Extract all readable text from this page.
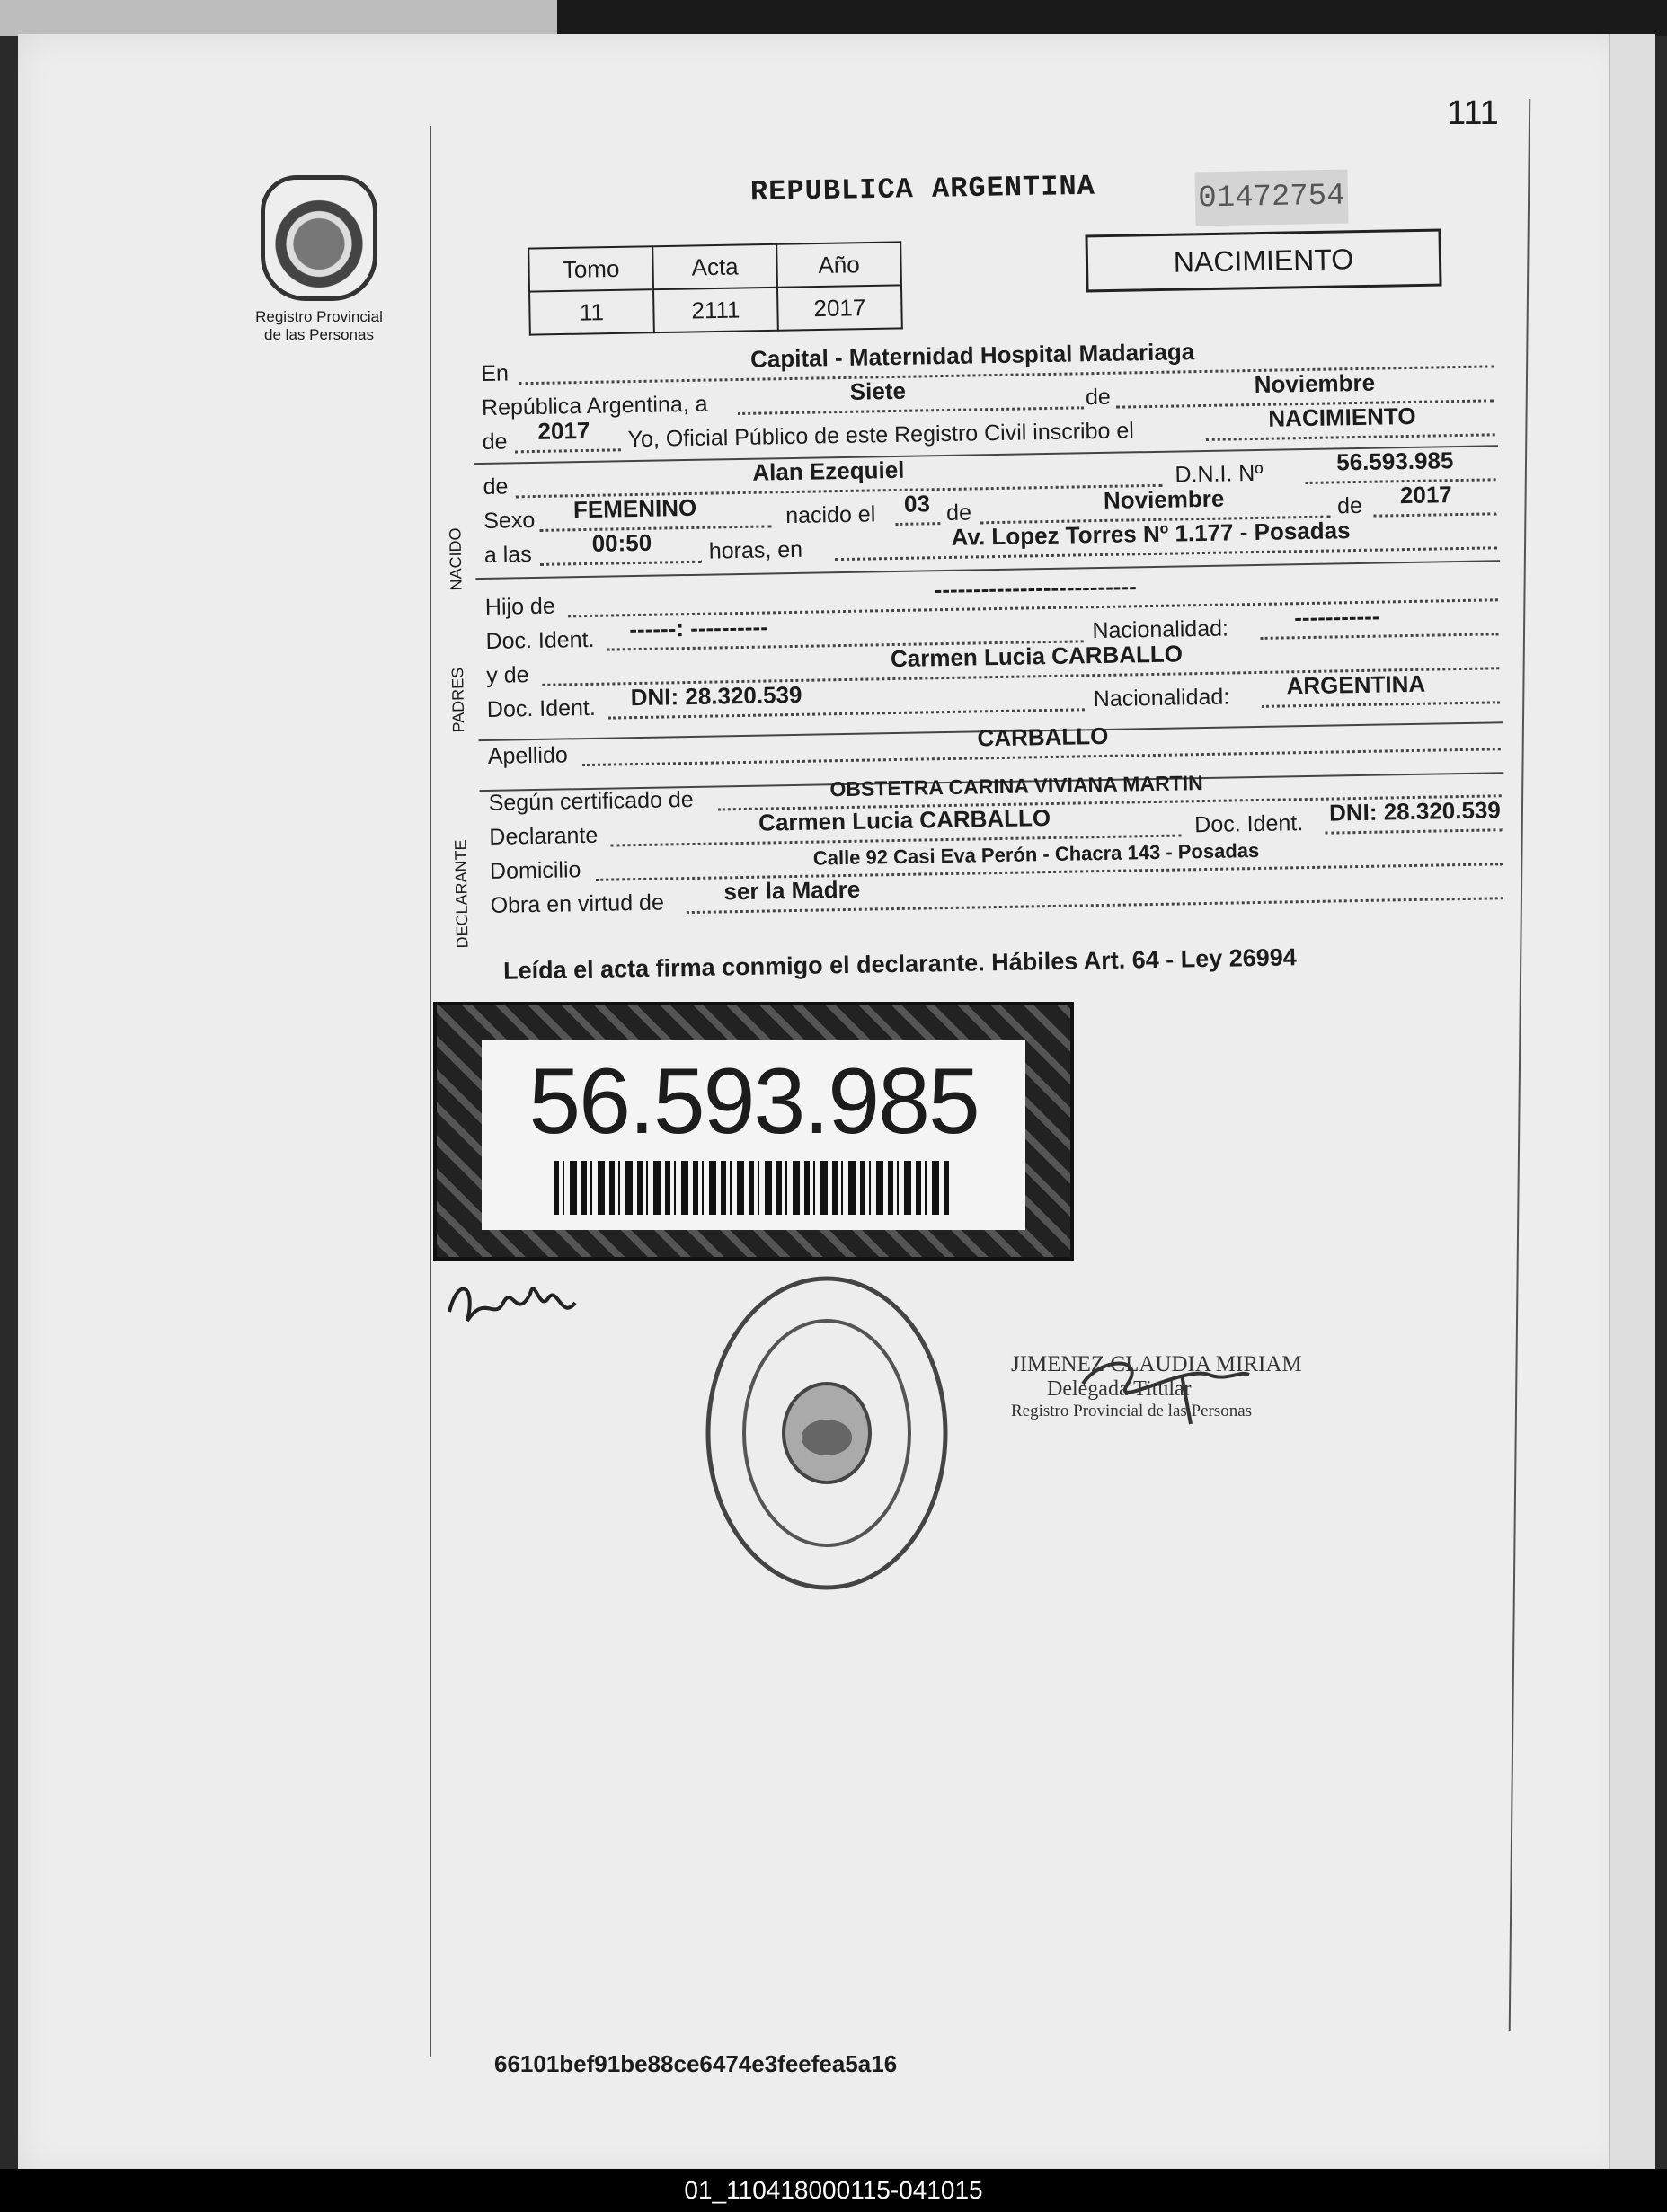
111
Registro Provincial
de las Personas
REPUBLICA ARGENTINA	01472754
Tomo	Acta	Año
11	2111	2017
NACIMIENTO
En
Capital - Maternidad Hospital Madariaga
República Argentina, a
Siete	de	Noviembre
de 2017 Yo, Oficial Público de este Registro Civil inscribo el
NACIMIENTO
de
Alan Ezequiel	D.N.I. Nº	56.593.985
Sexo FEMENINO	nacido el 03 de	Noviembre	de 2017
a las	00:50	horas, en	Av. Lopez Torres Nº 1.177 - Posadas
NACIDO
Hijo de
--------------------------
Doc. Ident. ------: ----------	Nacionalidad:	-----------
y de
Carmen Lucia CARBALLO
Doc. Ident. DNI: 28.320.539	Nacionalidad: ARGENTINA
PADRES
Apellido
CARBALLO
Según certificado de
OBSTETRA CARINA VIVIANA MARTIN
Declarante
Carmen Lucia CARBALLO	Doc. Ident. DNI: 28.320.539
Domicilio
Calle 92 Casi Eva Perón - Chacra 143 - Posadas
Obra en virtud de	ser la Madre
DECLARANTE
Leída el acta firma conmigo el declarante. Hábiles Art. 64 - Ley 26994
56.593.985
JIMENEZ CLAUDIA MIRIAM
Delegada Titular
Registro Provincial de las Personas
66101bef91be88ce6474e3feefea5a16
01_110418000115-041015
